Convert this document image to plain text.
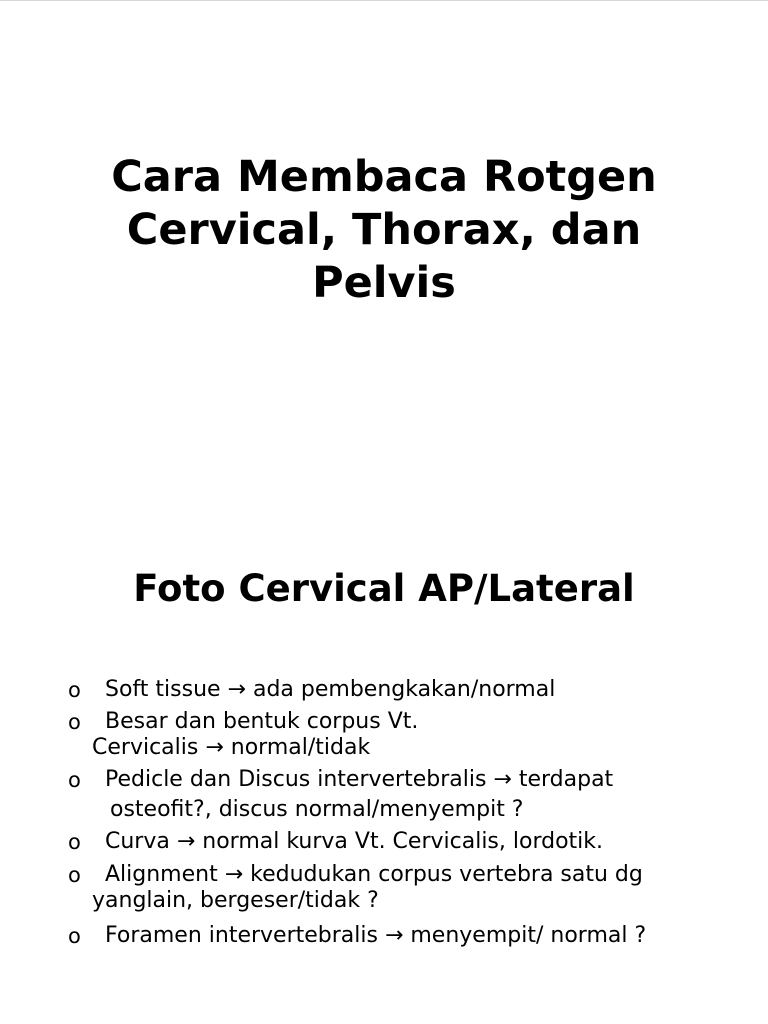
Cara Membaca Rotgen
Cervical, Thorax, dan
Pelvis
Foto Cervical AP/Lateral
o Soft tissue → ada pembengkakan/normal
o Besar dan bentuk corpus Vt.
Cervicalis → normal/tidak
o Pedicle dan Discus intervertebralis → terdapat
osteofit?, discus normal/menyempit ?
o Curva → normal kurva Vt. Cervicalis, lordotik.
o Alignment → kedudukan corpus vertebra satu dg
yanglain, bergeser/tidak ?
o Foramen intervertebralis → menyempit/ normal ?
